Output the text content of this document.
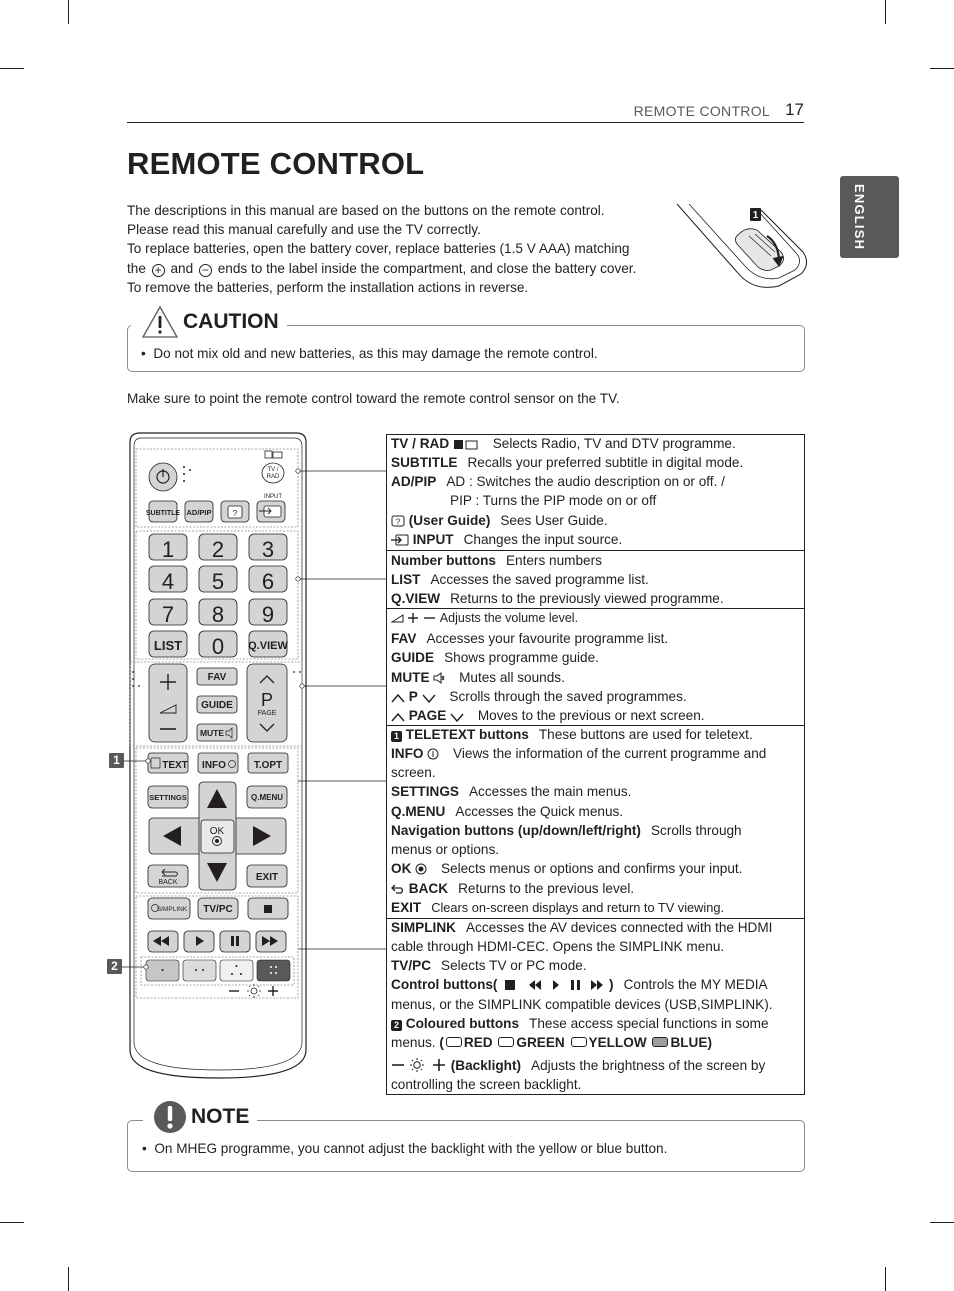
REMOTE CONTROL 17
ENGLISH
REMOTE CONTROL
The descriptions in this manual are based on the buttons on the remote control.
Please read this manual carefully and use the TV correctly.
To replace batteries, open the battery cover, replace batteries (1.5 V AAA) matching
the + and − ends to the label inside the compartment, and close the battery cover.
To remove the batteries, perform the installation actions in reverse.
1
CAUTION
•  Do not mix old and new batteries, as this may damage the remote control.
Make sure to point the remote control toward the remote control sensor on the TV.
TV /
RAD
INPUT
SUBTITLE AD/PIP	?
1 2 3
4 5 6
7 8 9
LIST 0 Q.VIEW
FAV
GUIDE
MUTE
P
PAGE
TEXT INFO	T.OPT
SETTINGS	Q.MENU
OK
BACK	EXIT
SIMPLINK TV/PC
1
2
TV / RAD	Selects Radio, TV and DTV programme.
SUBTITLE Recalls your preferred subtitle in digital mode.
AD/PIP AD : Switches the audio description on or off. /
PIP : Turns the PIP mode on or off
? (User Guide) Sees User Guide.
INPUT Changes the input source.
Number buttons Enters numbers
LIST Accesses the saved programme list.
Q.VIEW Returns to the previously viewed programme.
Adjusts the volume level.
FAV Accesses your favourite programme list.
GUIDE Shows programme guide.
MUTE Mutes all sounds.
P Scrolls through the saved programmes.
PAGE Moves to the previous or next screen.
1 TELETEXT buttons These buttons are used for teletext.
INFO Views the information of the current programme and
screen.
SETTINGS Accesses the main menus.
Q.MENU Accesses the Quick menus.
Navigation buttons (up/down/left/right) Scrolls through
menus or options.
OK Selects menus or options and confirms your input.
BACK Returns to the previous level.
EXIT Clears on-screen displays and return to TV viewing.
SIMPLINK Accesses the AV devices connected with the HDMI
cable through HDMI-CEC. Opens the SIMPLINK menu.
TV/PC Selects TV or PC mode.
Control buttons(	) Controls the MY MEDIA
menus, or the SIMPLINK compatible devices (USB,SIMPLINK).
2 Coloured buttons These access special functions in some
menus. ( RED GREEN YELLOW BLUE)
(Backlight) Adjusts the brightness of the screen by
controlling the screen backlight.
NOTE
•  On MHEG programme, you cannot adjust the backlight with the yellow or blue button.
